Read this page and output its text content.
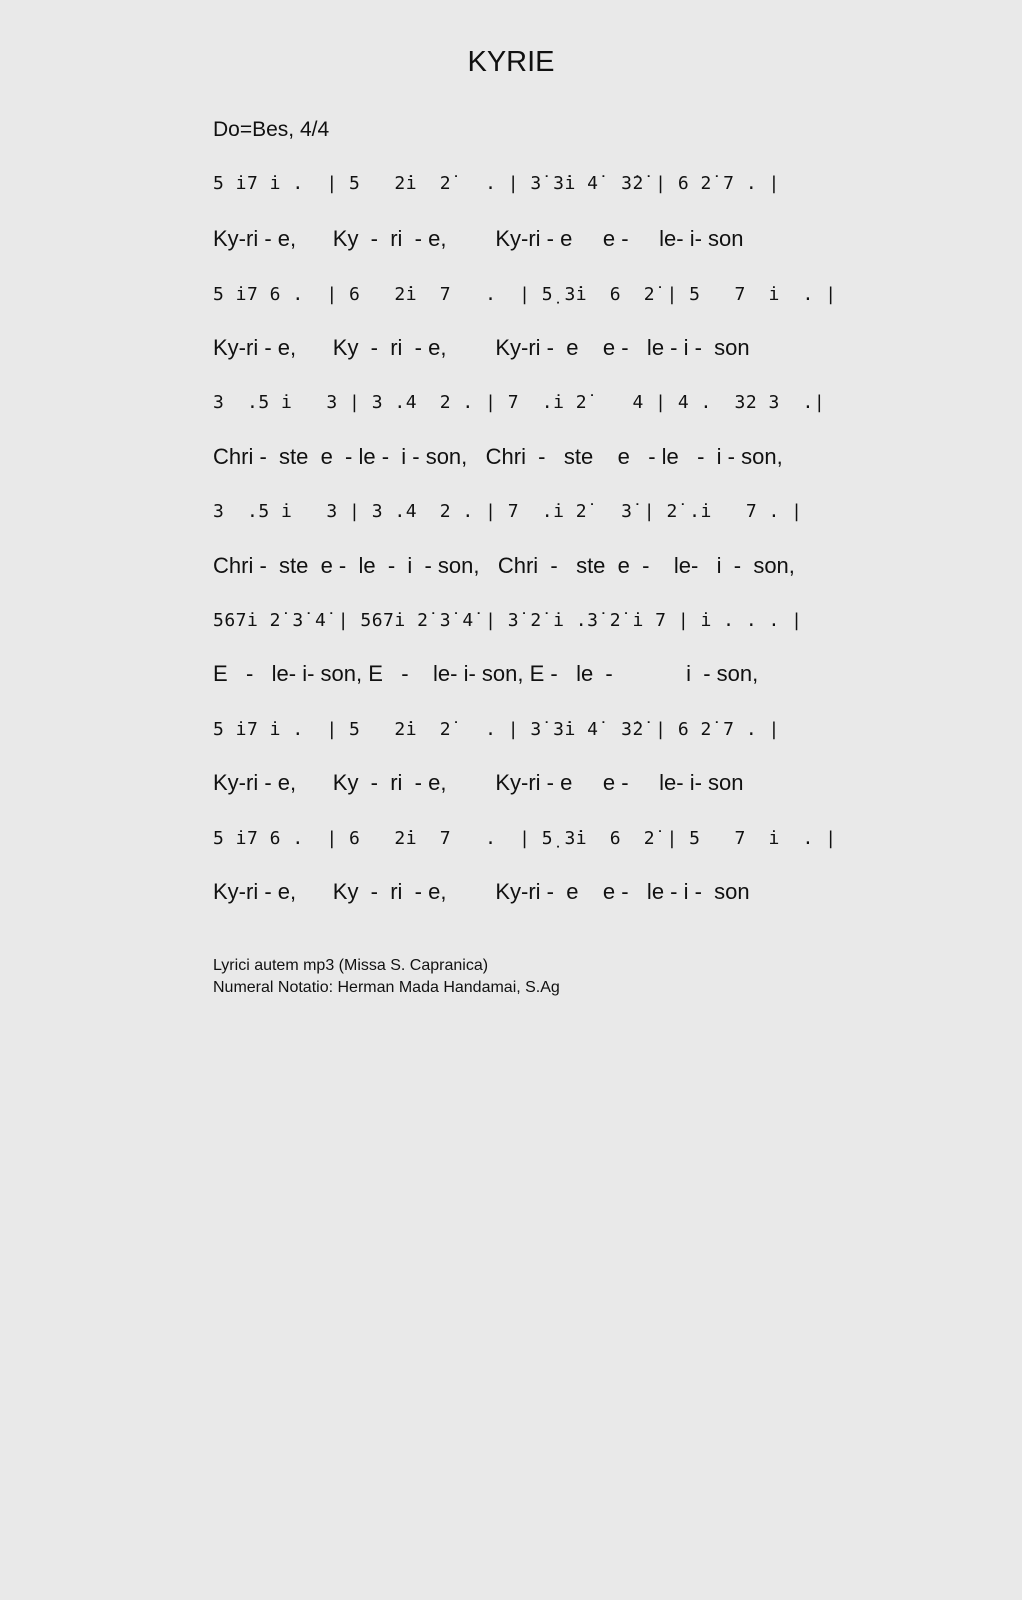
KYRIE
Do=Bes, 4/4
5 i̇7 i̇ .  | 5   2̇i̇  2̇   . | 3̇ 3̇i̇ 4̇  3̇2̇ | 6 2̇ 7 . |
Ky-ri - e,      Ky  -  ri  - e,        Ky-ri - e     e -     le- i- son
5 i̇7 6 .  | 6   2̇i̇  7   .  | 5̣ 3̇i̇  6  2̇ | 5   7  i̇  . |
Ky-ri - e,      Ky  -  ri  - e,        Ky-ri -  e    e -   le - i -  son
3  .5 i̇   3 | 3 .4  2 . | 7  .i̇ 2̇    4 | 4 .  32 3  .|
Chri -  ste  e  - le -  i - son,   Chri  -   ste    e   - le   -  i - son,
3  .5 i̇   3 | 3 .4  2 . | 7  .i̇ 2̇   3̇ | 2̇ .i̇   7 . |
Chri -  ste  e -  le  -  i  - son,   Chri  -   ste  e  -    le-   i  -  son,
567i̇ 2̇ 3̇ 4̇ | 567i̇ 2̇ 3̇ 4̇ | 3̇ 2̇ i̇ .3̇ 2̇ i̇ 7 | i̇ . . . |
E   -   le- i- son, E   -    le- i- son, E -   le  -            i  - son,
5 i̇7 i̇ .  | 5   2̇i̇  2̇   . | 3̇ 3̇i̇ 4̇  3̇2̇ | 6 2̇ 7 . |
Ky-ri - e,      Ky  -  ri  - e,        Ky-ri - e     e -     le- i- son
5 i̇7 6 .  | 6   2̇i̇  7   .  | 5̣ 3̇i̇  6  2̇ | 5   7  i̇  . |
Ky-ri - e,      Ky  -  ri  - e,        Ky-ri -  e    e -   le - i -  son
Lyrici autem mp3 (Missa S. Capranica)
Numeral Notatio: Herman Mada Handamai, S.Ag
